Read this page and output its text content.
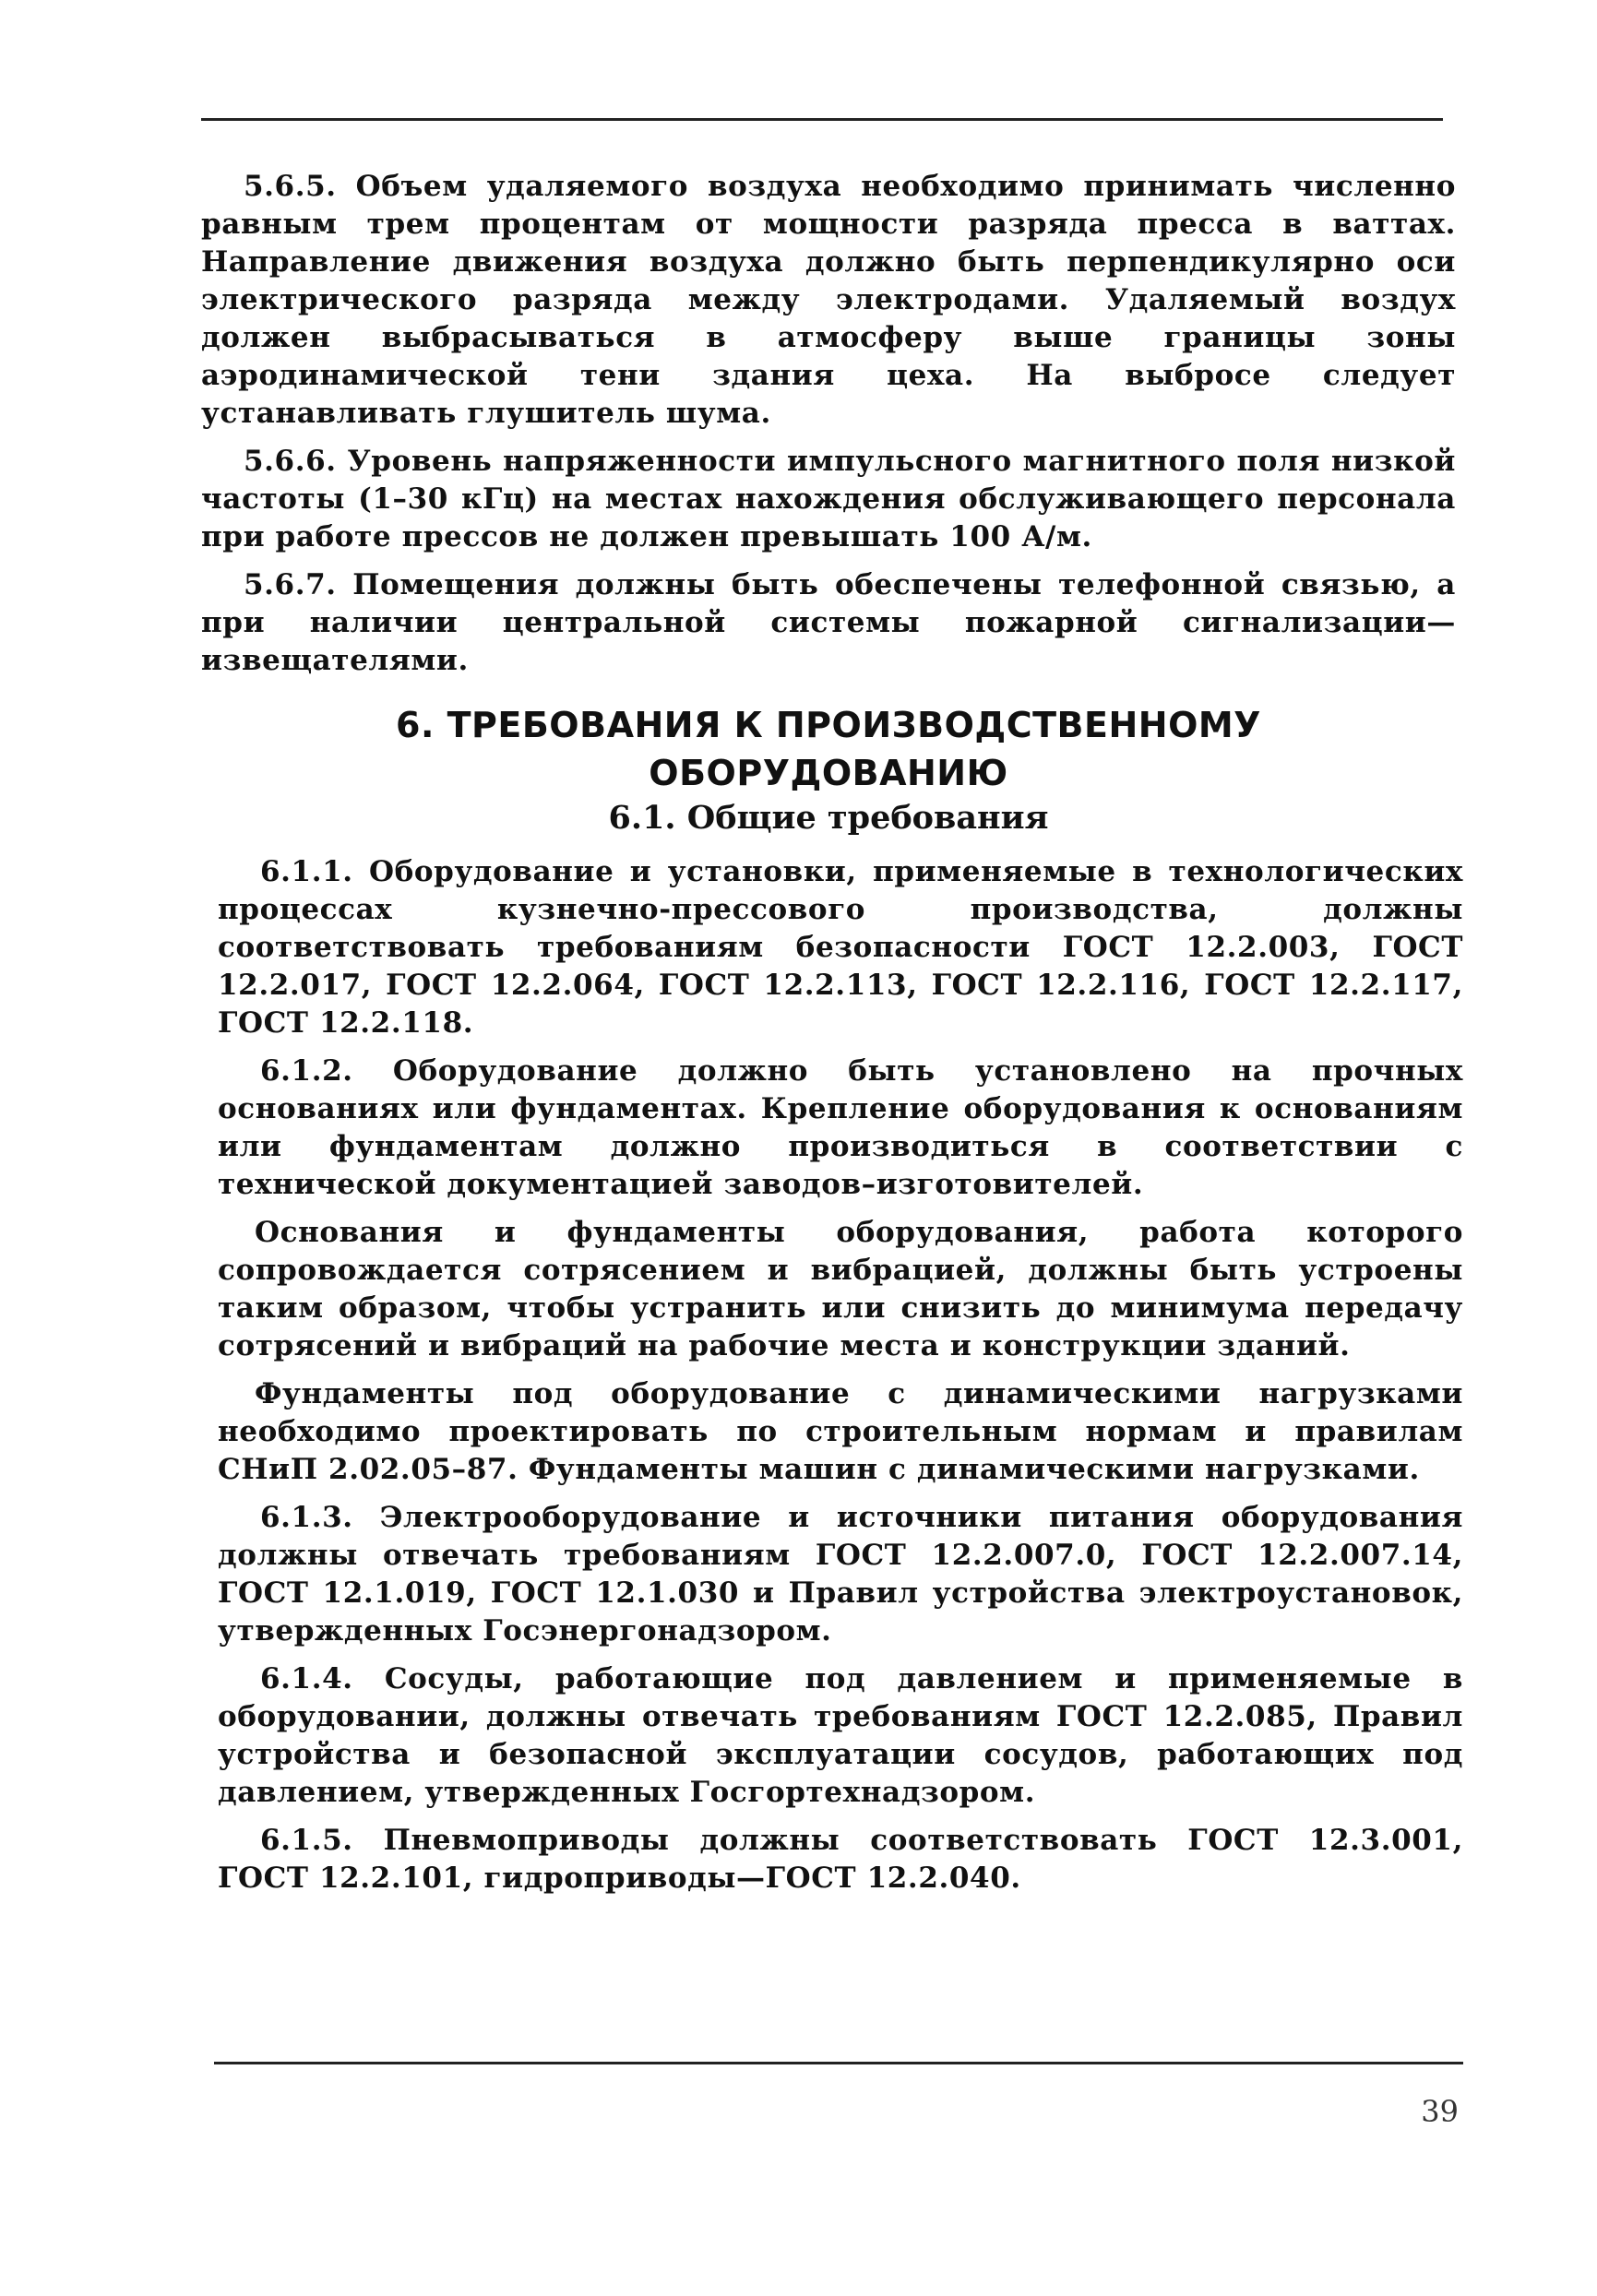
5.6.5. Объем удаляемого воздуха необходимо принимать численно равным трем процентам от мощности разряда пресса в ваттах. Направление движения воздуха должно быть перпендикулярно оси электрического разряда между электродами. Удаляемый воздух должен выбрасываться в атмосферу выше границы зоны аэродинамической тени здания цеха. На выбросе следует устанавливать глушитель шума.

5.6.6. Уровень напряженности импульсного магнитного поля низкой частоты (1–30 кГц) на местах нахождения обслуживающего персонала при работе прессов не должен превышать 100 А/м.

5.6.7. Помещения должны быть обеспечены телефонной связью, а при наличии центральной системы пожарной сигнализации—извещателями.

6. ТРЕБОВАНИЯ К ПРОИЗВОДСТВЕННОМУ
ОБОРУДОВАНИЮ
6.1. Общие требования

6.1.1. Оборудование и установки, применяемые в технологических процессах кузнечно-прессового производства, должны соответствовать требованиям безопасности ГОСТ 12.2.003, ГОСТ 12.2.017, ГОСТ 12.2.064, ГОСТ 12.2.113, ГОСТ 12.2.116, ГОСТ 12.2.117, ГОСТ 12.2.118.

6.1.2. Оборудование должно быть установлено на прочных основаниях или фундаментах. Крепление оборудования к основаниям или фундаментам должно производиться в соответствии с технической документацией заводов–изготовителей.

Основания и фундаменты оборудования, работа которого сопровождается сотрясением и вибрацией, должны быть устроены таким образом, чтобы устранить или снизить до минимума передачу сотрясений и вибраций на рабочие места и конструкции зданий.

Фундаменты под оборудование с динамическими нагрузками необходимо проектировать по строительным нормам и правилам СНиП 2.02.05–87. Фундаменты машин с динамическими нагрузками.

6.1.3. Электрооборудование и источники питания оборудования должны отвечать требованиям ГОСТ 12.2.007.0, ГОСТ 12.2.007.14, ГОСТ 12.1.019, ГОСТ 12.1.030 и Правил устройства электроустановок, утвержденных Госэнергонадзором.

6.1.4. Сосуды, работающие под давлением и применяемые в оборудовании, должны отвечать требованиям ГОСТ 12.2.085, Правил устройства и безопасной эксплуатации сосудов, работающих под давлением, утвержденных Госгортехнадзором.

6.1.5. Пневмоприводы должны соответствовать ГОСТ 12.3.001, ГОСТ 12.2.101, гидроприводы—ГОСТ 12.2.040.

39
